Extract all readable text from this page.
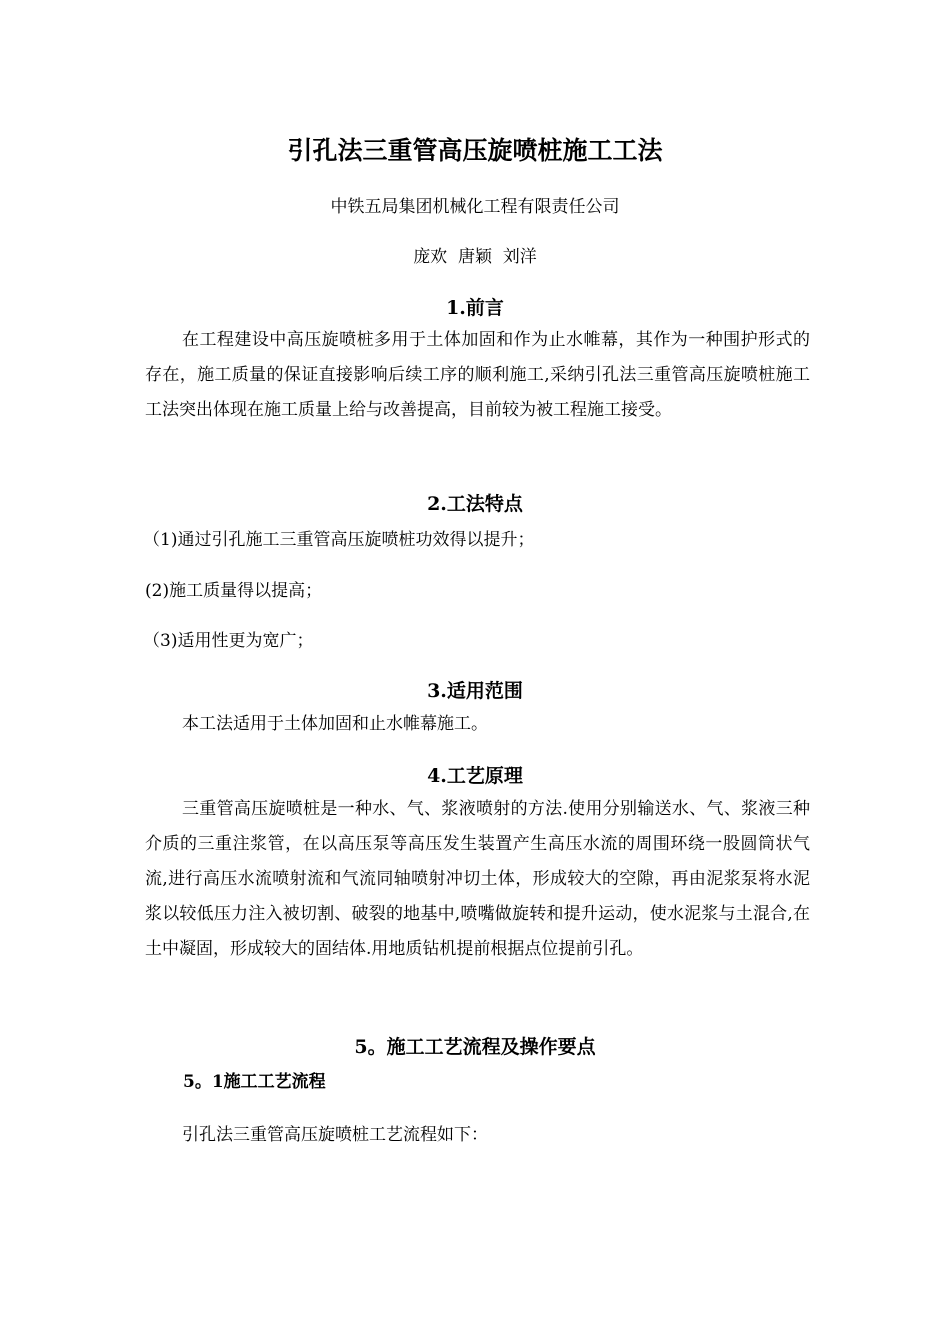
引孔法三重管高压旋喷桩施工工法
中铁五局集团机械化工程有限责任公司
庞欢  唐颖  刘洋
1.前言

在工程建设中高压旋喷桩多用于土体加固和作为止水帷幕，其作为一种围护形式的存在，施工质量的保证直接影响后续工序的顺利施工,采纳引孔法三重管高压旋喷桩施工工法突出体现在施工质量上给与改善提高，目前较为被工程施工接受。

2.工法特点
（1)通过引孔施工三重管高压旋喷桩功效得以提升；
(2)施工质量得以提高；
（3)适用性更为宽广；
3.适用范围

本工法适用于土体加固和止水帷幕施工。

4.工艺原理

三重管高压旋喷桩是一种水、气、浆液喷射的方法.使用分别输送水、气、浆液三种介质的三重注浆管，在以高压泵等高压发生装置产生高压水流的周围环绕一股圆筒状气流,进行高压水流喷射流和气流同轴喷射冲切土体，形成较大的空隙，再由泥浆泵将水泥浆以较低压力注入被切割、破裂的地基中,喷嘴做旋转和提升运动，使水泥浆与土混合,在土中凝固，形成较大的固结体.用地质钻机提前根据点位提前引孔。

5。施工工艺流程及操作要点
5。1施工工艺流程

引孔法三重管高压旋喷桩工艺流程如下：
